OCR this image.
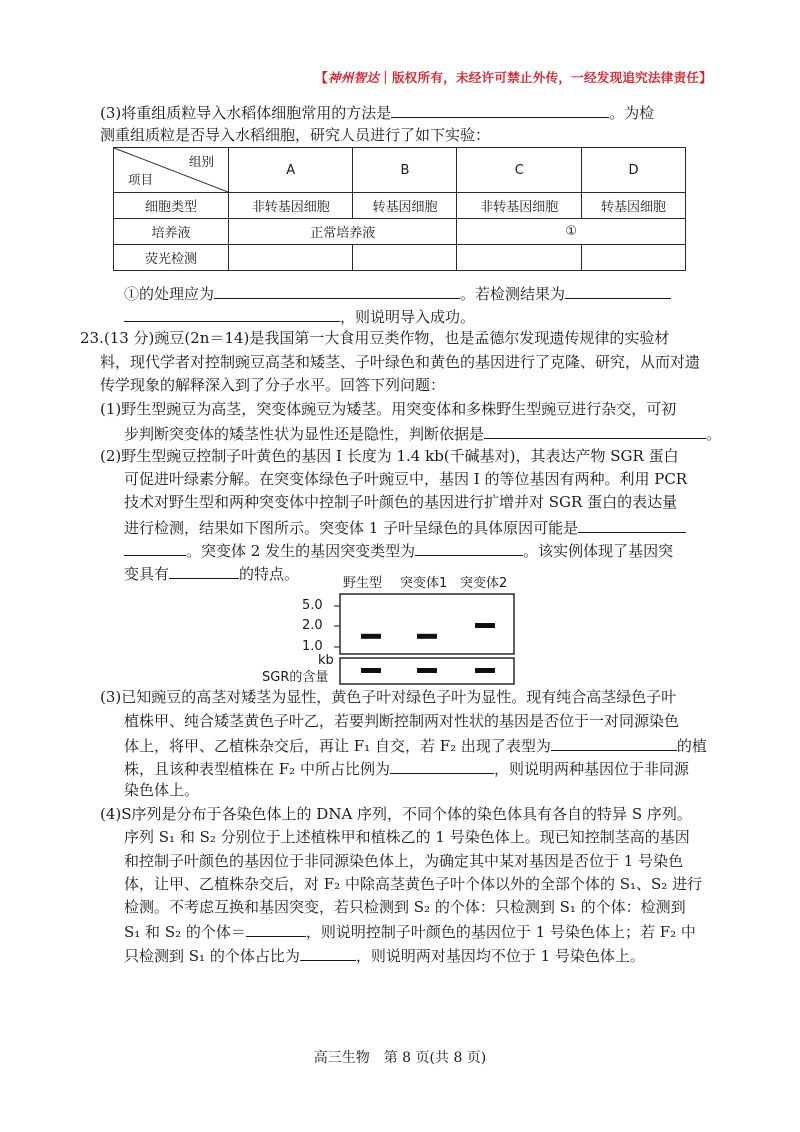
【神州智达｜版权所有，未经许可禁止外传，一经发现追究法律责任】
(3)将重组质粒导入水稻体细胞常用的方法是	。为检
测重组质粒是否导入水稻细胞，研究人员进行了如下实验：
组别
项目	A	B	C	D
细胞类型	非转基因细胞	转基因细胞	非转基因细胞	转基因细胞
培养液	正常培养液		①	
荧光检测				
①的处理应为	。若检测结果为
，则说明导入成功。
23.(13 分)豌豆(2n＝14)是我国第一大食用豆类作物，也是孟德尔发现遗传规律的实验材
料，现代学者对控制豌豆高茎和矮茎、子叶绿色和黄色的基因进行了克隆、研究，从而对遗
传学现象的解释深入到了分子水平。回答下列问题：
(1)野生型豌豆为高茎，突变体豌豆为矮茎。用突变体和多株野生型豌豆进行杂交，可初
步判断突变体的矮茎性状为显性还是隐性，判断依据是	。
(2)野生型豌豆控制子叶黄色的基因 I 长度为 1.4 kb(千碱基对)，其表达产物 SGR 蛋白
可促进叶绿素分解。在突变体绿色子叶豌豆中，基因 I 的等位基因有两种。利用 PCR
技术对野生型和两种突变体中控制子叶颜色的基因进行扩增并对 SGR 蛋白的表达量
进行检测，结果如下图所示。突变体 1 子叶呈绿色的具体原因可能是
。突变体 2 发生的基因突变类型为	。该实例体现了基因突
变具有	的特点。
野生型 突变体1 突变体2
5.0
2.0
1.0
kb
SGR的含量
(3)已知豌豆的高茎对矮茎为显性，黄色子叶对绿色子叶为显性。现有纯合高茎绿色子叶
植株甲、纯合矮茎黄色子叶乙，若要判断控制两对性状的基因是否位于一对同源染色
体上，将甲、乙植株杂交后，再让 F₁ 自交，若 F₂ 出现了表型为	的植
株，且该种表型植株在 F₂ 中所占比例为	，则说明两种基因位于非同源
染色体上。
(4)S序列是分布于各染色体上的 DNA 序列，不同个体的染色体具有各自的特异 S 序列。
序列 S₁ 和 S₂ 分别位于上述植株甲和植株乙的 1 号染色体上。现已知控制茎高的基因
和控制子叶颜色的基因位于非同源染色体上，为确定其中某对基因是否位于 1 号染色
体，让甲、乙植株杂交后，对 F₂ 中除高茎黄色子叶个体以外的全部个体的 S₁、S₂ 进行
检测。不考虑互换和基因突变，若只检测到 S₂ 的个体：只检测到 S₁ 的个体：检测到
S₁ 和 S₂ 的个体＝	，则说明控制子叶颜色的基因位于 1 号染色体上；若 F₂ 中
只检测到 S₁ 的个体占比为	，则说明两对基因均不位于 1 号染色体上。
高三生物　第 8 页(共 8 页)
